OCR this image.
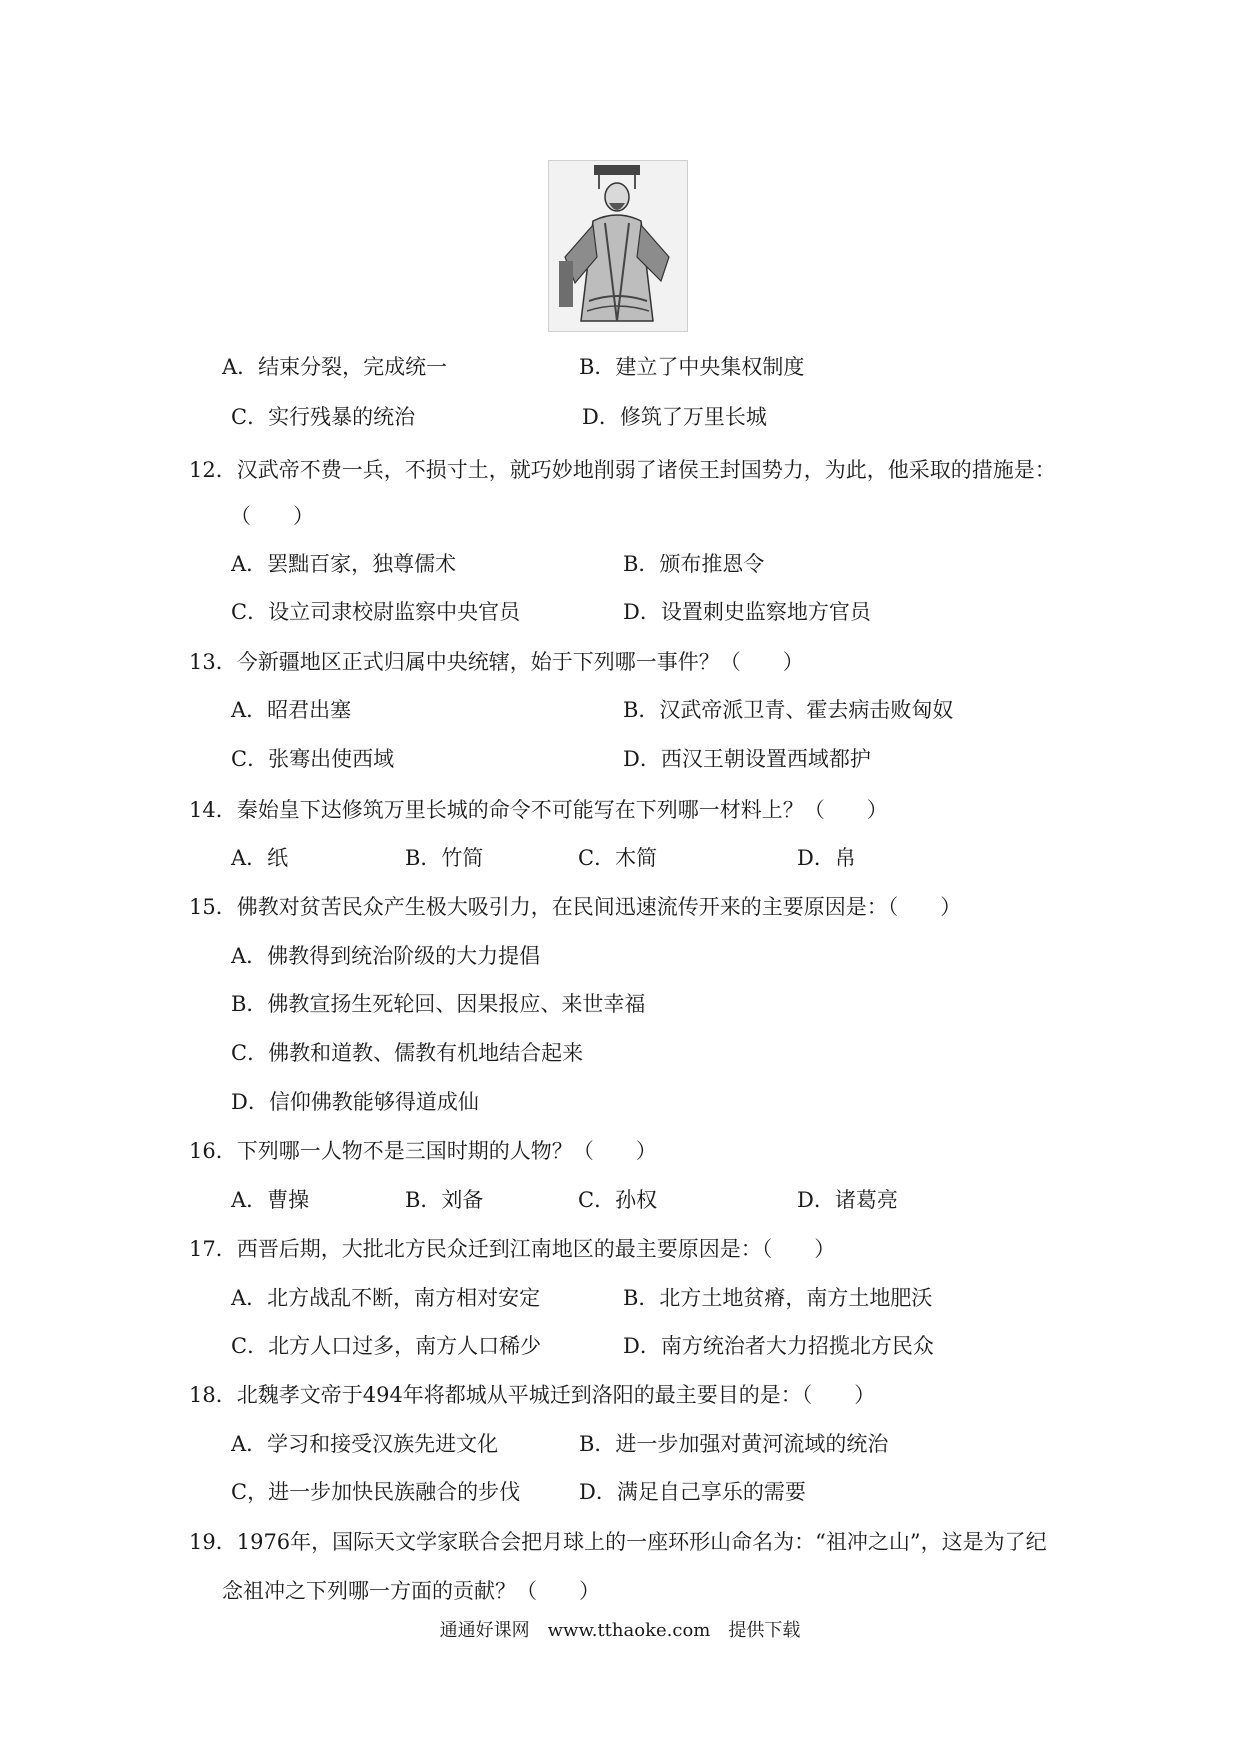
A．结束分裂，完成统一	B．建立了中央集权制度
C．实行残暴的统治	D．修筑了万里长城
12．汉武帝不费一兵，不损寸土，就巧妙地削弱了诸侯王封国势力，为此，他采取的措施是：
（　　）
A．罢黜百家，独尊儒术	B．颁布推恩令
C．设立司隶校尉监察中央官员	D．设置刺史监察地方官员
13．今新疆地区正式归属中央统辖，始于下列哪一事件？（　　）
A．昭君出塞	B．汉武帝派卫青、霍去病击败匈奴
C．张骞出使西域	D．西汉王朝设置西域都护
14．秦始皇下达修筑万里长城的命令不可能写在下列哪一材料上？（　　）
A．纸	B．竹简	C．木简	D．帛
15．佛教对贫苦民众产生极大吸引力，在民间迅速流传开来的主要原因是：（　　）
A．佛教得到统治阶级的大力提倡
B．佛教宣扬生死轮回、因果报应、来世幸福
C．佛教和道教、儒教有机地结合起来
D．信仰佛教能够得道成仙
16．下列哪一人物不是三国时期的人物？（　　）
A．曹操	B．刘备	C．孙权	D．诸葛亮
17．西晋后期，大批北方民众迁到江南地区的最主要原因是：（　　）
A．北方战乱不断，南方相对安定	B．北方土地贫瘠，南方土地肥沃
C．北方人口过多，南方人口稀少	D．南方统治者大力招揽北方民众
18．北魏孝文帝于494年将都城从平城迁到洛阳的最主要目的是：（　　）
A．学习和接受汉族先进文化	B．进一步加强对黄河流域的统治
C，进一步加快民族融合的步伐	D．满足自己享乐的需要
19．1976年，国际天文学家联合会把月球上的一座环形山命名为：“祖冲之山”，这是为了纪
念祖冲之下列哪一方面的贡献？（　　）
通通好课网　www.tthaoke.com　提供下载
